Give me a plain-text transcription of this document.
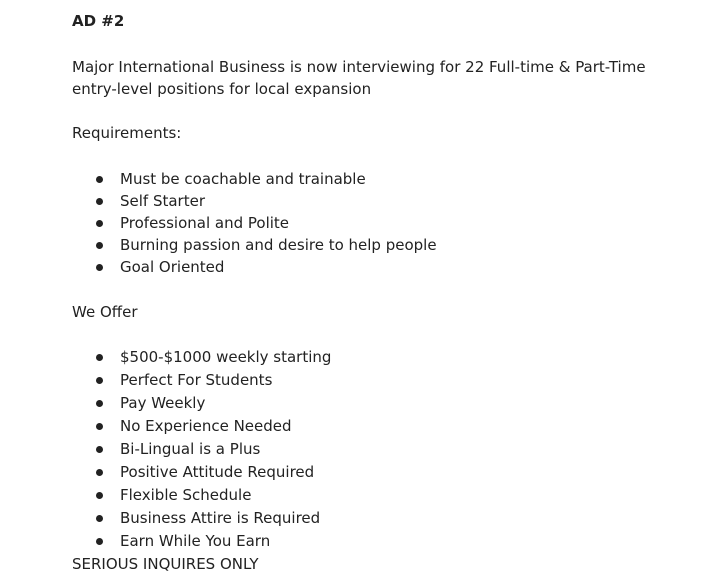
AD #2

Major International Business is now interviewing for 22 Full-time & Part-Time entry-level positions for local expansion

Requirements:

Must be coachable and trainable
Self Starter
Professional and Polite
Burning passion and desire to help people
Goal Oriented

We Offer

$500-$1000 weekly starting
Perfect For Students
Pay Weekly
No Experience Needed
Bi-Lingual is a Plus
Positive Attitude Required
Flexible Schedule
Business Attire is Required
Earn While You Earn

SERIOUS INQUIRES ONLY
